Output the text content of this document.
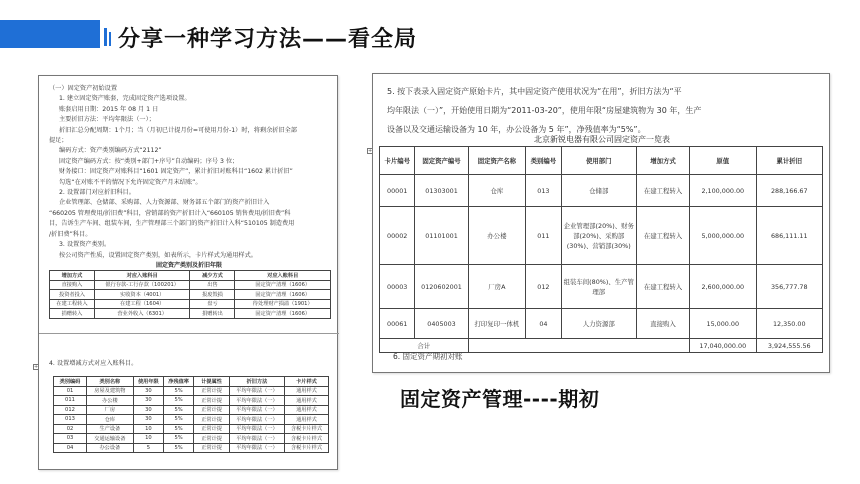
分享一种学习方法——看全局

（一）固定资产初始设置

1. 建立固定资产账套，完成固定资产选项设置。

账套启用日期：2015 年 08 月 1 日

主要折旧方法：平均年限法（一）；

折旧汇总分配周期：1个月；当（月初已计提月份=可使用月份-1）时，将剩余折旧全部

提足；

编码方式：资产类别编码方式“2112”

固定资产编码方式：按“类别+部门+序号”自动编码；序号 3 位；

财务接口：固定资产对账科目“1601 固定资产”，累计折旧对账科目“1602 累计折旧”

勾选“在对账不平的情况下允许固定资产月末结账”。

2. 设置部门对应折旧科目。

企业管理部、仓储部、采购部、人力资源部、财务部五个部门的资产折旧计入

“660205 管理费用/折旧费”科目，营销部的资产折旧计入“660105 销售费用/折旧费”科

目，告诉生产车间、组装车间，生产管理部三个部门的资产折旧计入科“510105 制造费用

/折旧费”科目。

3. 设置资产类别。

按公司资产性质，设置固定资产类别，如表所示，卡片样式为通用样式。

固定资产类别及折旧年限
增加方式	对应入账科目	减少方式	对应入账科目
直接购入	银行存款-工行存款（100201）	出售	固定资产清理（1606）
投资者投入	实收资本（4001）	报废毁损	固定资产清理（1606）
在建工程转入	在建工程（1604）	盘亏	待处理财产损溢（1901）
捐赠转入	营业外收入（6301）	捐赠转出	固定资产清理（1606）
+ 4. 设置增减方式对应入账科目。

类别编码	类别名称	使用年限	净残值率	计提属性	折旧方法	卡片样式
01	房屋及建筑物	30	5%	正常计提	平均年限法（一）	通用样式
011	办公楼	30	5%	正常计提	平均年限法（一）	通用样式
012	厂房	30	5%	正常计提	平均年限法（一）	通用样式
013	仓库	30	5%	正常计提	平均年限法（一）	通用样式
02	生产设备	10	5%	正常计提	平均年限法（一）	含税卡片样式
03	交通运输设备	10	5%	正常计提	平均年限法（一）	含税卡片样式
04	办公设备	5	5%	正常计提	平均年限法（一）	含税卡片样式

5. 按下表录入固定资产原始卡片，其中固定资产使用状况为“在用”，折旧方法为“平

均年限法（一）”，开始使用日期为“2011-03-20”，使用年限“房屋建筑物为 30 年，生产

设备以及交通运输设备为 10 年，办公设备为 5 年”，净残值率为“5%”。

北京新锐电器有限公司固定资产一览表
+
卡片编号	固定资产编号	固定资产名称	类别编号	使用部门	增加方式	原值	累计折旧
00001	01303001	仓库	013	仓储部	在建工程转入	2,100,000.00	288,166.67
00002	01101001	办公楼	011	企业管理部(20%)、财务部(20%)、采购部(30%)、营销部(30%)	在建工程转入	5,000,000.00	686,111.11
00003	0120602001	厂房A	012	组装车间(80%)、生产管理部	在建工程转入	2,600,000.00	356,777.78
00061	0405003	打印复印一体机	04	人力资源部	直接购入	15,000.00	12,350.00
合计						17,040,000.00	3,924,555.56
6. 固定资产期初对账
固定资产管理----期初
